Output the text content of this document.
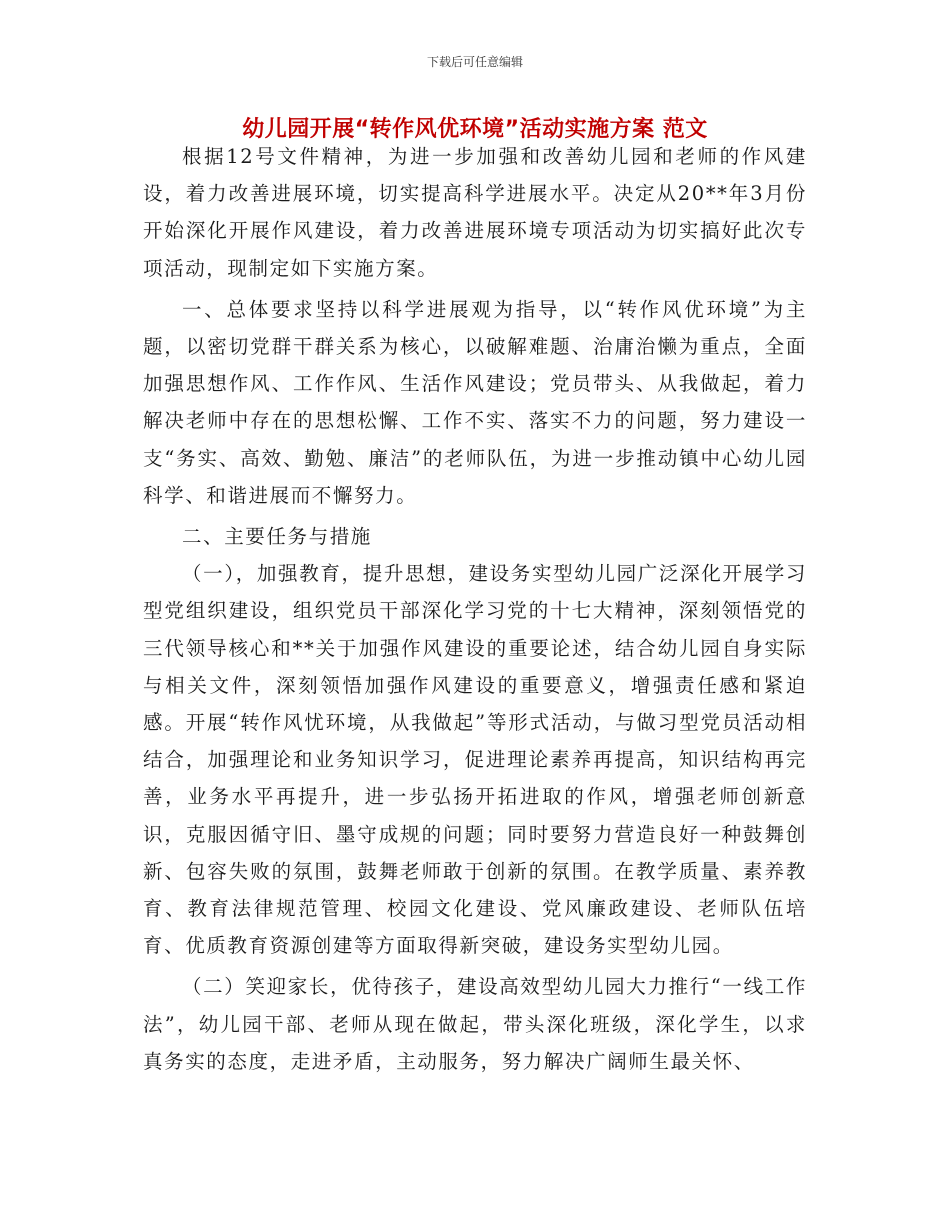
下载后可任意编辑
幼儿园开展“转作风优环境”活动实施方案 范文

根据12号文件精神，为进一步加强和改善幼儿园和老师的作风建设，着力改善进展环境，切实提高科学进展水平。决定从20**年3月份开始深化开展作风建设，着力改善进展环境专项活动为切实搞好此次专项活动，现制定如下实施方案。

一、总体要求坚持以科学进展观为指导，以“转作风优环境”为主题，以密切党群干群关系为核心，以破解难题、治庸治懒为重点，全面加强思想作风、工作作风、生活作风建设；党员带头、从我做起，着力解决老师中存在的思想松懈、工作不实、落实不力的问题，努力建设一支“务实、高效、勤勉、廉洁”的老师队伍，为进一步推动镇中心幼儿园科学、和谐进展而不懈努力。

二、主要任务与措施

（一），加强教育，提升思想，建设务实型幼儿园广泛深化开展学习型党组织建设，组织党员干部深化学习党的十七大精神，深刻领悟党的三代领导核心和**关于加强作风建设的重要论述，结合幼儿园自身实际与相关文件，深刻领悟加强作风建设的重要意义，增强责任感和紧迫感。开展“转作风忧环境，从我做起”等形式活动，与做习型党员活动相结合，加强理论和业务知识学习，促进理论素养再提高，知识结构再完善，业务水平再提升，进一步弘扬开拓进取的作风，增强老师创新意识，克服因循守旧、墨守成规的问题；同时要努力营造良好一种鼓舞创新、包容失败的氛围，鼓舞老师敢于创新的氛围。在教学质量、素养教育、教育法律规范管理、校园文化建设、党风廉政建设、老师队伍培育、优质教育资源创建等方面取得新突破，建设务实型幼儿园。

（二）笑迎家长，优待孩子，建设高效型幼儿园大力推行“一线工作法”，幼儿园干部、老师从现在做起，带头深化班级，深化学生，以求真务实的态度，走进矛盾，主动服务，努力解决广阔师生最关怀、
